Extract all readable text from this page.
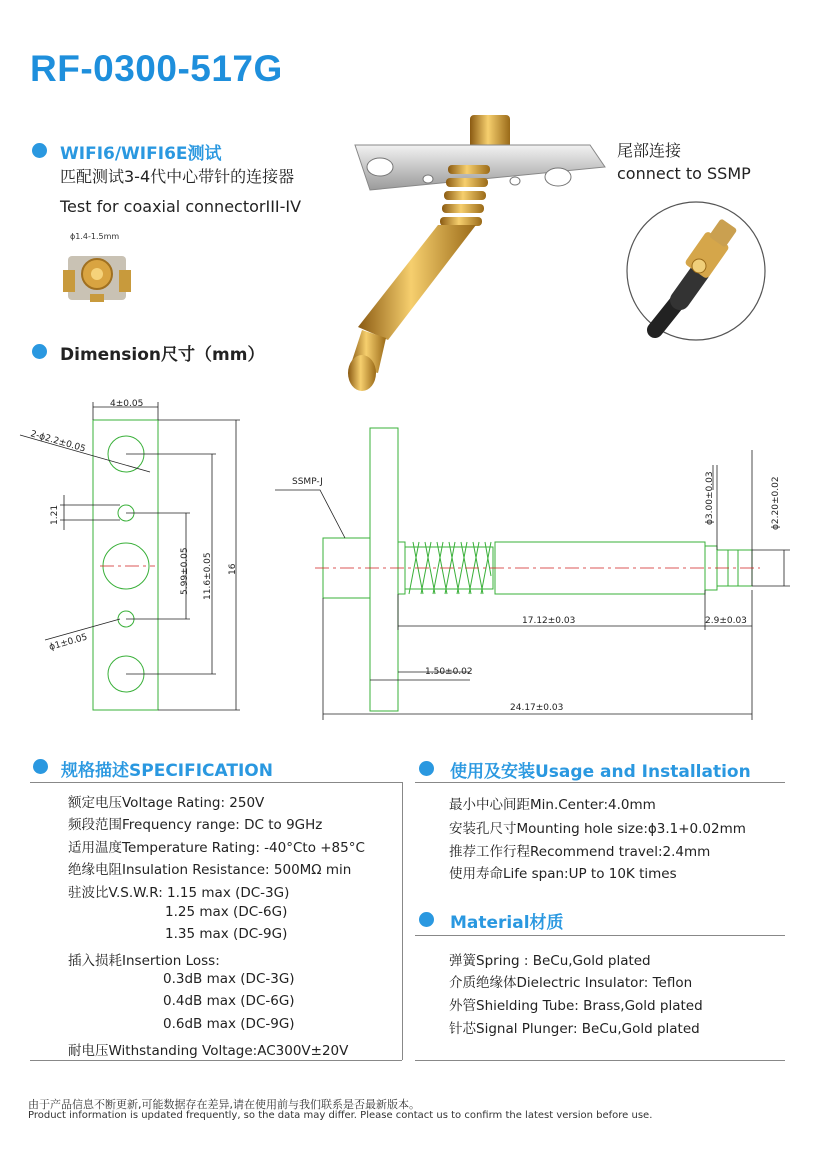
RF-0300-517G
WIFI6/WIFI6E测试
匹配测试3-4代中心带针的连接器
Test for coaxial connectorIII-IV
ϕ1.4-1.5mm
尾部连接
connect to SSMP
Dimension尺寸（mm）
4±0.05
2-ϕ2.2±0.05
1.21
5.99±0.05 11.6±0.05 16
ϕ1±0.05
SSMP-J	ϕ3.00±0.03	ϕ2.20±0.02
17.12±0.03	2.9±0.03
1.50±0.02
24.17±0.03
规格描述SPECIFICATION
额定电压Voltage Rating: 250V
频段范围Frequency range: DC to 9GHz
适用温度Temperature Rating: -40°Cto +85°C
绝缘电阻Insulation Resistance: 500MΩ min
驻波比V.S.W.R: 1.15 max (DC-3G)
1.25 max (DC-6G)
1.35 max (DC-9G)
插入损耗Insertion Loss:
0.3dB max (DC-3G)
0.4dB max (DC-6G)
0.6dB max (DC-9G)
耐电压Withstanding Voltage:AC300V±20V
使用及安装Usage and Installation
最小中心间距Min.Center:4.0mm
安装孔尺寸Mounting hole size:ϕ3.1+0.02mm
推荐工作行程Recommend travel:2.4mm
使用寿命Life span:UP to 10K times
Material材质
弹簧Spring : BeCu,Gold plated
介质绝缘体Dielectric Insulator: Teflon
外管Shielding Tube: Brass,Gold plated
针芯Signal Plunger: BeCu,Gold plated
由于产品信息不断更新,可能数据存在差异,请在使用前与我们联系是否最新版本。
Product information is updated frequently, so the data may differ. Please contact us to confirm the latest version before use.
